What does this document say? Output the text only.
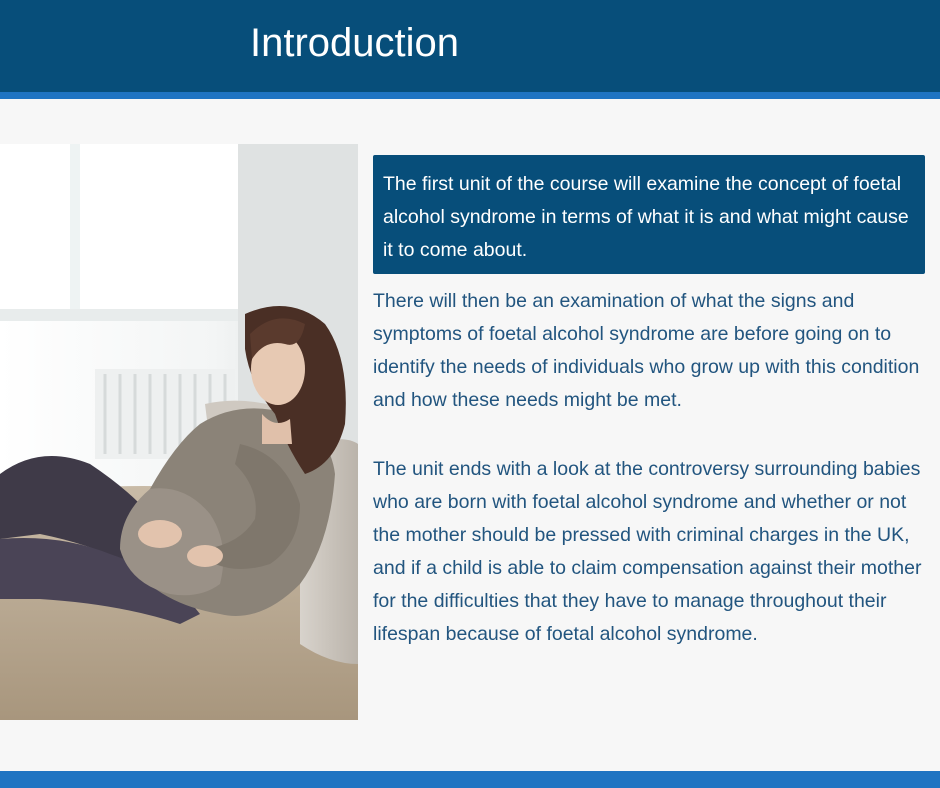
Introduction

The first unit of the course will examine the concept of foetal alcohol syndrome in terms of what it is and what might cause it to come about.

There will then be an examination of what the signs and symptoms of foetal alcohol syndrome are before going on to identify the needs of individuals who grow up with this condition and how these needs might be met.

The unit ends with a look at the controversy surrounding babies who are born with foetal alcohol syndrome and whether or not the mother should be pressed with criminal charges in the UK, and if a child is able to claim compensation against their mother for the difficulties that they have to manage throughout their lifespan because of foetal alcohol syndrome.
